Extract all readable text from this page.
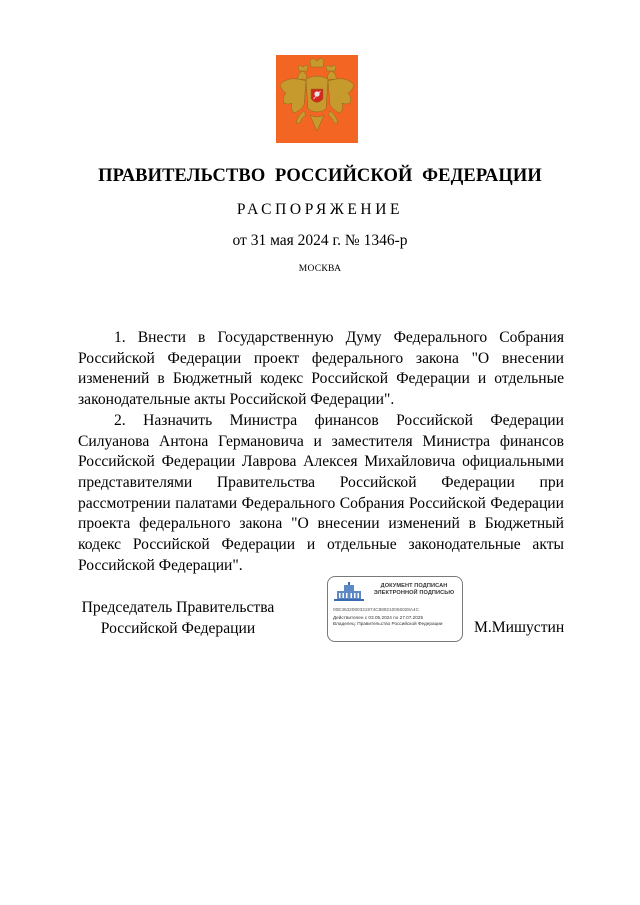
ПРАВИТЕЛЬСТВО РОССИЙСКОЙ ФЕДЕРАЦИИ
РАСПОРЯЖЕНИЕ
от 31 мая 2024 г. № 1346-р
МОСКВА

1. Внести в Государственную Думу Федерального Собрания Российской Федерации проект федерального закона "О внесении изменений в Бюджетный кодекс Российской Федерации и отдельные законодательные акты Российской Федерации".

2. Назначить Министра финансов Российской Федерации Силуанова Антона Германовича и заместителя Министра финансов Российской Федерации Лаврова Алексея Михайловича официальными представителями Правительства Российской Федерации при рассмотрении палатами Федерального Собрания Российской Федерации проекта федерального закона "О внесении изменений в Бюджетный кодекс Российской Федерации и отдельные законодательные акты Российской Федерации".

Председатель Правительства
Российской Федерации
ДОКУМЕНТ ПОДПИСАН
ЭЛЕКТРОННОЙ ПОДПИСЬЮ
00E3632080321974C889210066028A4C
Действителен с 03.05.2024 по 27.07.2025
Владелец: Правительство Российской Федерации	М.Мишустин
